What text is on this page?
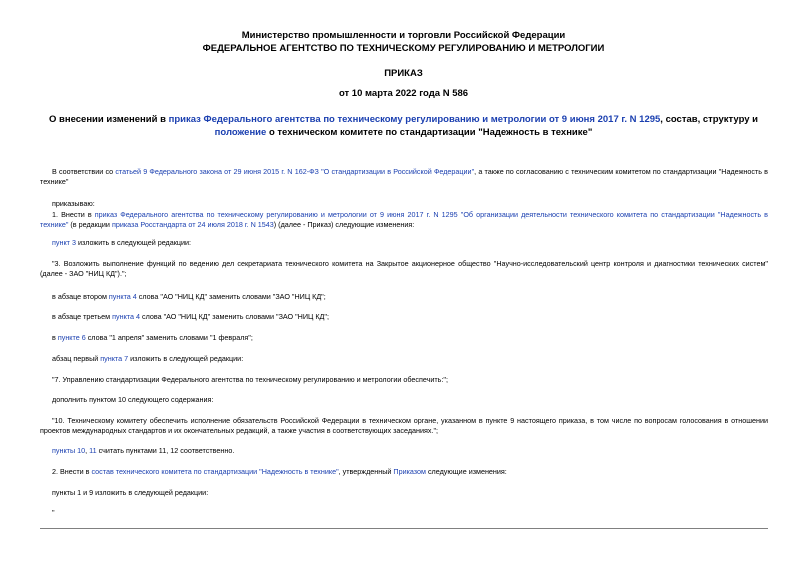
Министерство промышленности и торговли Российской Федерации
ФЕДЕРАЛЬНОЕ АГЕНТСТВО ПО ТЕХНИЧЕСКОМУ РЕГУЛИРОВАНИЮ И МЕТРОЛОГИИ
ПРИКАЗ
от 10 марта 2022 года N 586
О внесении изменений в приказ Федерального агентства по техническому регулированию и метрологии от 9 июня 2017 г. N 1295, состав, структуру и положение о техническом комитете по стандартизации "Надежность в технике"
В соответствии со статьей 9 Федерального закона от 29 июня 2015 г. N 162-ФЗ "О стандартизации в Российской Федерации", а также по согласованию с техническим комитетом по стандартизации "Надежность в технике"
приказываю:
1. Внести в приказ Федерального агентства по техническому регулированию и метрологии от 9 июня 2017 г. N 1295 "Об организации деятельности технического комитета по стандартизации "Надежность в технике" (в редакции приказа Росстандарта от 24 июля 2018 г. N 1543) (далее - Приказ) следующие изменения:
пункт 3 изложить в следующей редакции:
"3. Возложить выполнение функций по ведению дел секретариата технического комитета на Закрытое акционерное общество "Научно-исследовательский центр контроля и диагностики технических систем" (далее - ЗАО "НИЦ КД").";
в абзаце втором пункта 4 слова "АО "НИЦ КД" заменить словами "ЗАО "НИЦ КД";
в абзаце третьем пункта 4 слова "АО "НИЦ КД" заменить словами "ЗАО "НИЦ КД";
в пункте 6 слова "1 апреля" заменить словами "1 февраля";
абзац первый пункта 7 изложить в следующей редакции:
"7. Управлению стандартизации Федерального агентства по техническому регулированию и метрологии обеспечить:";
дополнить пунктом 10 следующего содержания:
"10. Техническому комитету обеспечить исполнение обязательств Российской Федерации в техническом органе, указанном в пункте 9 настоящего приказа, в том числе по вопросам голосования в отношении проектов международных стандартов и их окончательных редакций, а также участия в соответствующих заседаниях.";
пункты 10, 11 считать пунктами 11, 12 соответственно.
2. Внести в состав технического комитета по стандартизации "Надежность в технике", утвержденный Приказом следующие изменения:
пункты 1 и 9 изложить в следующей редакции:
"
